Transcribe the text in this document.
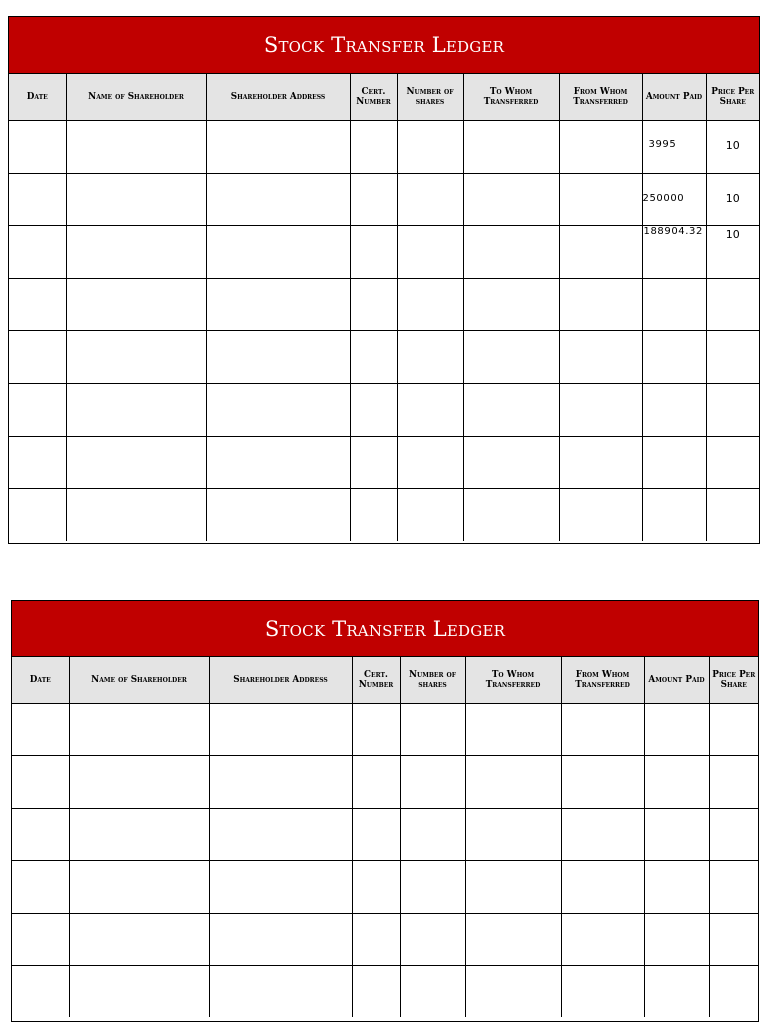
Stock Transfer Ledger
Date	Name of Shareholder	Shareholder Address	Cert. Number	Number of shares	To Whom Transferred	From Whom Transferred	Amount Paid	Price Per Share

							3995	10

							250000	10

							188904.32	10

Stock Transfer Ledger
Date	Name of Shareholder	Shareholder Address	Cert. Number	Number of shares	To Whom Transferred	From Whom Transferred	Amount Paid	Price Per Share
